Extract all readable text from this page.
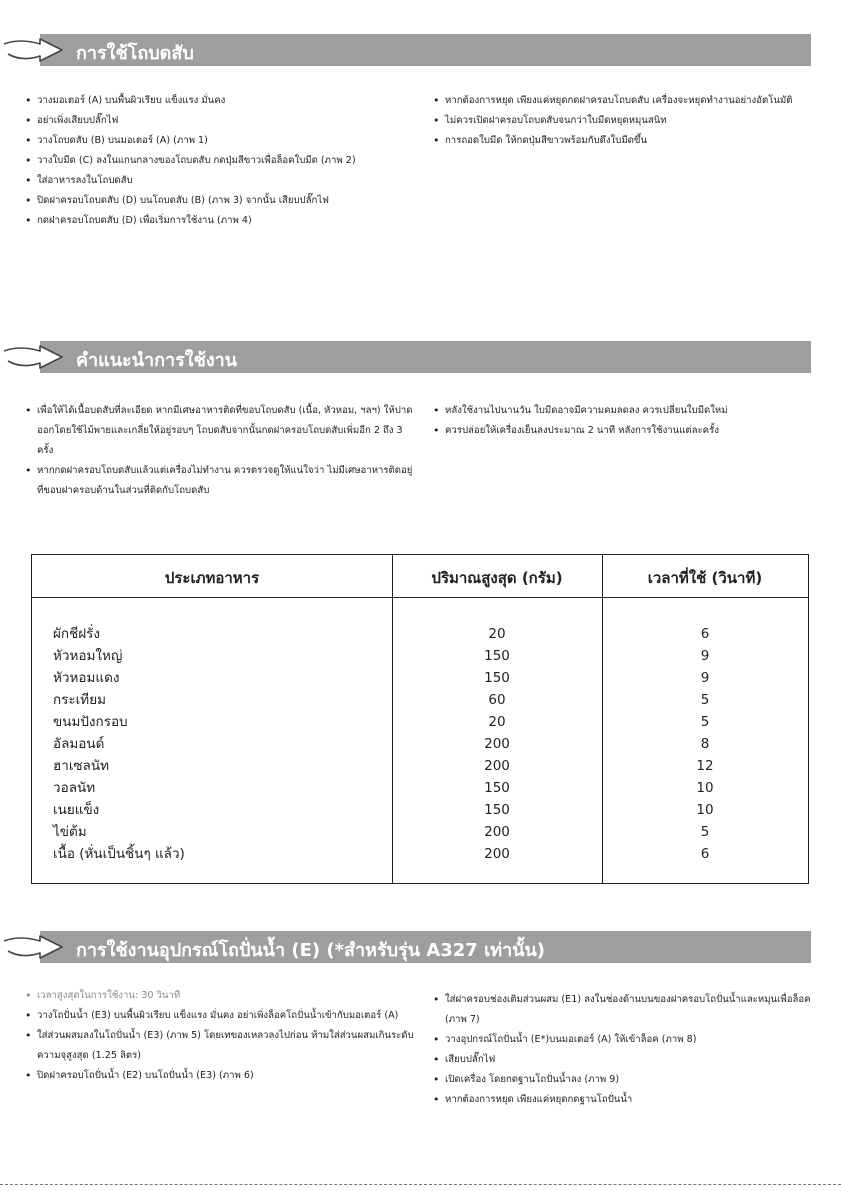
การใช้โถบดสับ
• วางมอเตอร์ (A) บนพื้นผิวเรียบ แข็งแรง มั่นคง
• อย่าเพิ่งเสียบปลั๊กไฟ
• วางโถบดสับ (B) บนมอเตอร์ (A) (ภาพ 1)
• วางใบมีด (C) ลงในแกนกลางของโถบดสับ กดปุ่มสีขาวเพื่อล็อคใบมีด (ภาพ 2)
• ใส่อาหารลงในโถบดสับ
• ปิดฝาครอบโถบดสับ (D) บนโถบดสับ (B) (ภาพ 3) จากนั้น เสียบปลั๊กไฟ
• กดฝาครอบโถบดสับ (D) เพื่อเริ่มการใช้งาน (ภาพ 4)
• หากต้องการหยุด เพียงแค่หยุดกดฝาครอบโถบดสับ เครื่องจะหยุดทำงานอย่างอัตโนมัติ
• ไม่ควรเปิดฝาครอบโถบดสับจนกว่าใบมีดหยุดหมุนสนิท
• การถอดใบมีด ให้กดปุ่มสีขาวพร้อมกับดึงใบมีดขึ้น
คำแนะนำการใช้งาน
• เพื่อให้ได้เนื้อบดสับที่ละเอียด หากมีเศษอาหารติดที่ขอบโถบดสับ (เนื้อ, หัวหอม, ฯลฯ) ให้ปาดออกโดยใช้ไม้พายและเกลี่ยให้อยู่รอบๆ โถบดสับจากนั้นกดฝาครอบโถบดสับเพิ่มอีก 2 ถึง 3 ครั้ง
• หากกดฝาครอบโถบดสับแล้วแต่เครื่องไม่ทำงาน ควรตรวจดูให้แน่ใจว่า ไม่มีเศษอาหารติดอยู่ที่ขอบฝาครอบด้านในส่วนที่ติดกับโถบดสับ
• หลังใช้งานไปนานวัน ใบมีดอาจมีความคมลดลง ควรเปลี่ยนใบมีดใหม่
• ควรปล่อยให้เครื่องเย็นลงประมาณ 2 นาที หลังการใช้งานแต่ละครั้ง
ประเภทอาหาร	ปริมาณสูงสุด (กรัม)	เวลาที่ใช้ (วินาที)
ผักชีฝรั่ง
หัวหอมใหญ่
หัวหอมแดง
กระเทียม
ขนมปังกรอบ
อัลมอนด์
ฮาเซลนัท
วอลนัท
เนยแข็ง
ไข่ต้ม
เนื้อ (หั่นเป็นชิ้นๆ แล้ว)
20
150
150
60
20
200
200
150
150
200
200
6
9
9
5
5
8
12
10
10
5
6
การใช้งานอุปกรณ์โถปั่นน้ำ (E) (*สำหรับรุ่น A327 เท่านั้น)
• เวลาสูงสุดในการใช้งาน: 30 วินาที
• วางโถปั่นน้ำ (E3) บนพื้นผิวเรียบ แข็งแรง มั่นคง อย่าเพิ่งล็อคโถปั่นน้ำเข้ากับมอเตอร์ (A)
• ใส่ส่วนผสมลงในโถปั่นน้ำ (E3) (ภาพ 5) โดยเทของเหลวลงไปก่อน ห้ามใส่ส่วนผสมเกินระดับความจุสูงสุด (1.25 ลิตร)
• ปิดฝาครอบโถปั่นน้ำ (E2) บนโถปั่นน้ำ (E3) (ภาพ 6)
• ใส่ฝาครอบช่องเติมส่วนผสม (E1) ลงในช่องด้านบนของฝาครอบโถปั่นน้ำและหมุนเพื่อล็อค (ภาพ 7)
• วางอุปกรณ์โถปั่นน้ำ (E*)บนมอเตอร์ (A) ให้เข้าล็อค (ภาพ 8)
• เสียบปลั๊กไฟ
• เปิดเครื่อง โดยกดฐานโถปั่นน้ำลง (ภาพ 9)
• หากต้องการหยุด เพียงแค่หยุดกดฐานโถปั่นน้ำ
